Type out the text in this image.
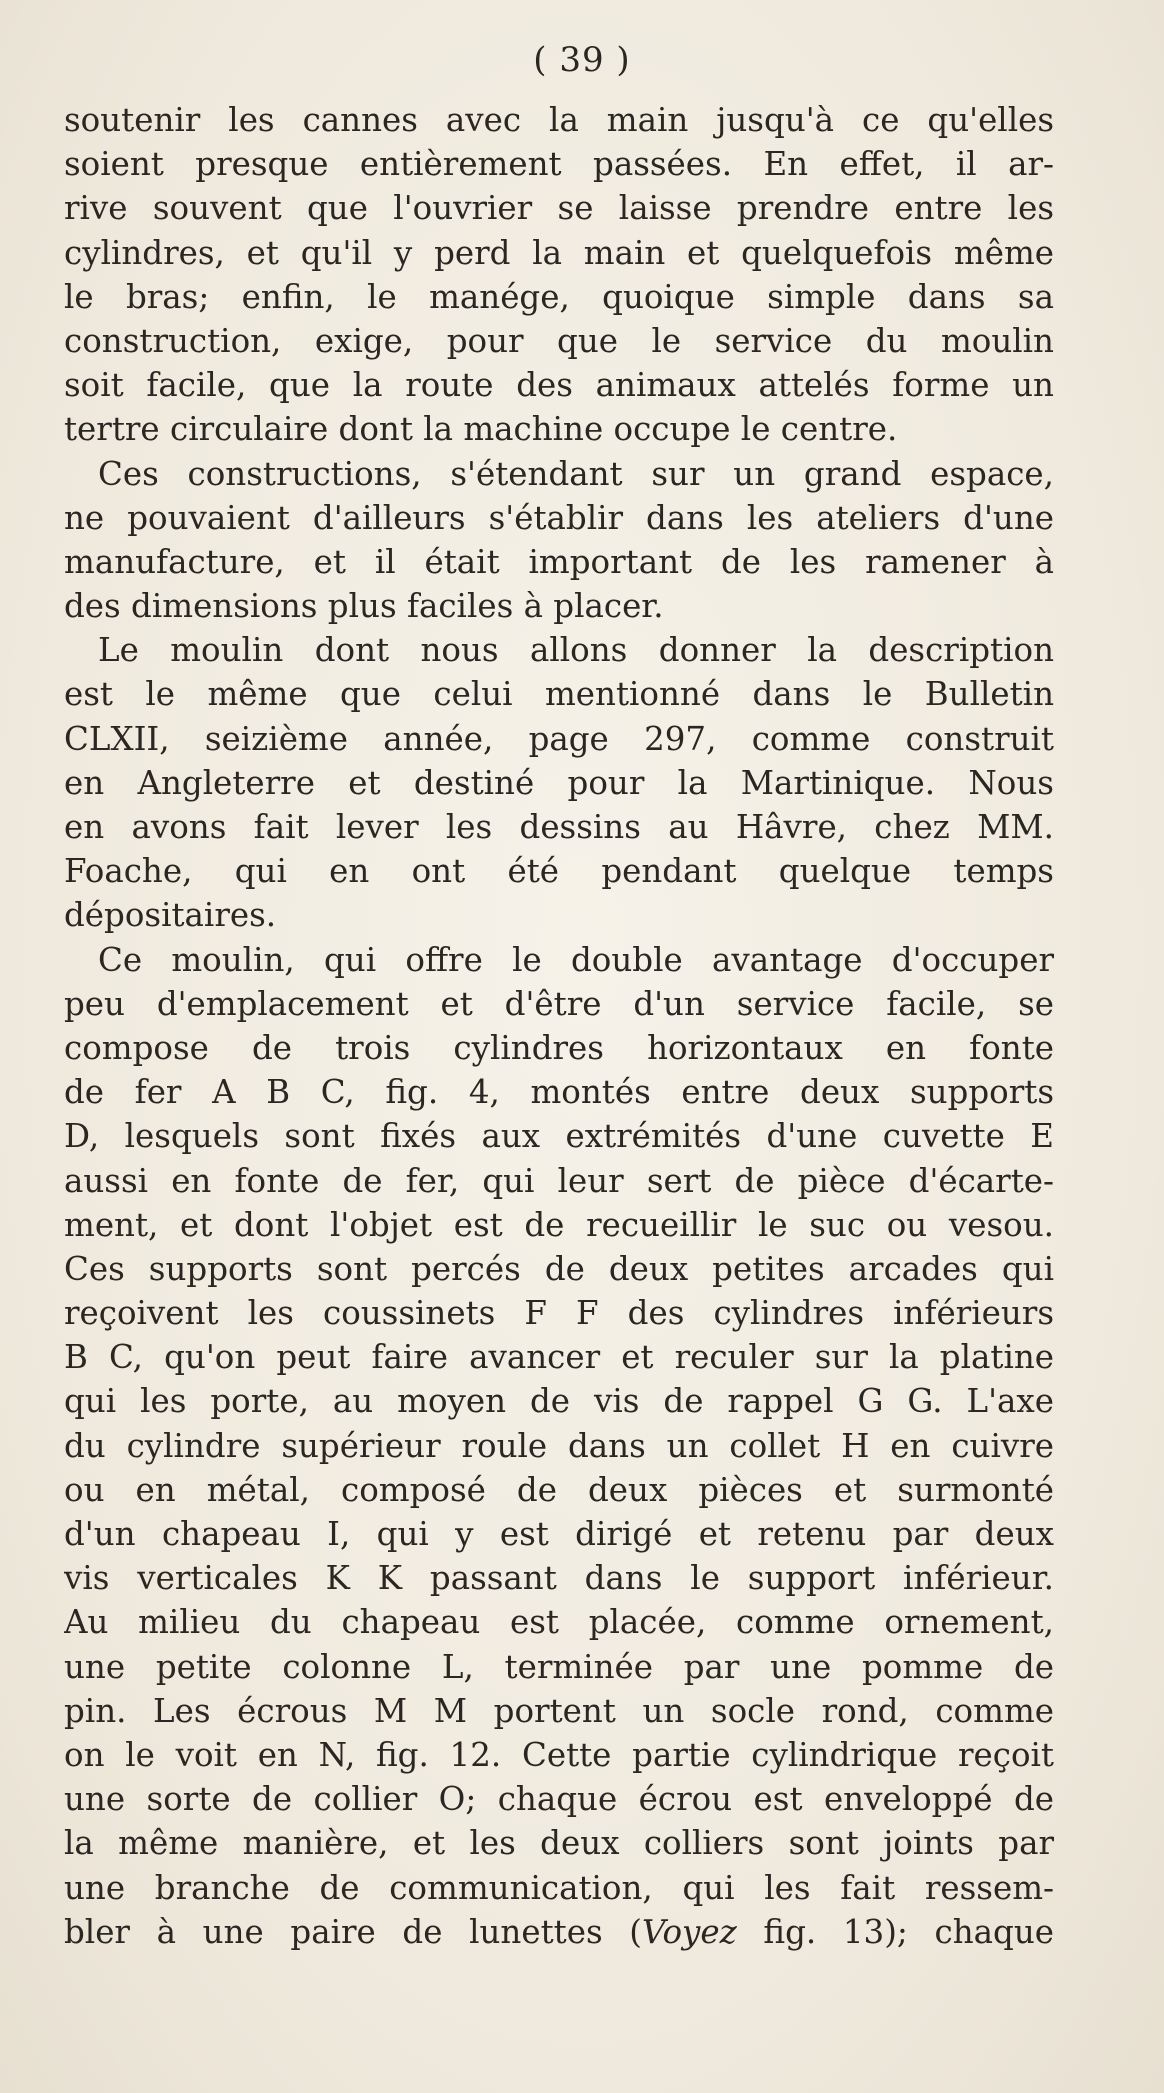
( 39 )
soutenir les cannes avec la main jusqu'à ce qu'elles
soient presque entièrement passées. En effet, il ar-
rive souvent que l'ouvrier se laisse prendre entre les
cylindres, et qu'il y perd la main et quelquefois même
le bras; enfin, le manége, quoique simple dans sa
construction, exige, pour que le service du moulin
soit facile, que la route des animaux attelés forme un
tertre circulaire dont la machine occupe le centre.
Ces constructions, s'étendant sur un grand espace,
ne pouvaient d'ailleurs s'établir dans les ateliers d'une
manufacture, et il était important de les ramener à
des dimensions plus faciles à placer.
Le moulin dont nous allons donner la description
est le même que celui mentionné dans le Bulletin
CLXII, seizième année, page 297, comme construit
en Angleterre et destiné pour la Martinique. Nous
en avons fait lever les dessins au Hâvre, chez MM.
Foache, qui en ont été pendant quelque temps
dépositaires.
Ce moulin, qui offre le double avantage d'occuper
peu d'emplacement et d'être d'un service facile, se
compose de trois cylindres horizontaux en fonte
de fer A B C, fig. 4, montés entre deux supports
D, lesquels sont fixés aux extrémités d'une cuvette E
aussi en fonte de fer, qui leur sert de pièce d'écarte-
ment, et dont l'objet est de recueillir le suc ou vesou.
Ces supports sont percés de deux petites arcades qui
reçoivent les coussinets F F des cylindres inférieurs
B C, qu'on peut faire avancer et reculer sur la platine
qui les porte, au moyen de vis de rappel G G. L'axe
du cylindre supérieur roule dans un collet H en cuivre
ou en métal, composé de deux pièces et surmonté
d'un chapeau I, qui y est dirigé et retenu par deux
vis verticales K K passant dans le support inférieur.
Au milieu du chapeau est placée, comme ornement,
une petite colonne L, terminée par une pomme de
pin. Les écrous M M portent un socle rond, comme
on le voit en N, fig. 12. Cette partie cylindrique reçoit
une sorte de collier O; chaque écrou est enveloppé de
la même manière, et les deux colliers sont joints par
une branche de communication, qui les fait ressem-
bler à une paire de lunettes (Voyez fig. 13); chaque
